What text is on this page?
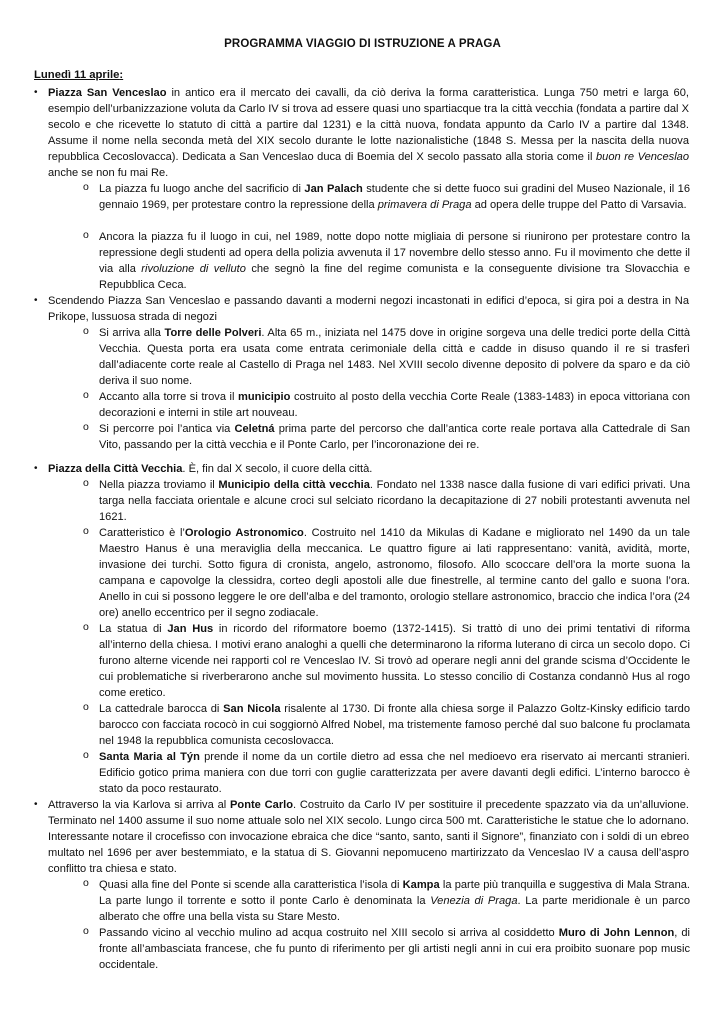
PROGRAMMA VIAGGIO DI ISTRUZIONE A PRAGA
Lunedì 11 aprile:
• Piazza San Venceslao in antico era il mercato dei cavalli, da ciò deriva la forma caratteristica. Lunga 750 metri e larga 60, esempio dell’urbanizzazione voluta da Carlo IV si trova ad essere quasi uno spartiacque tra la città vecchia (fondata a partire dal X secolo e che ricevette lo statuto di città a partire dal 1231) e la città nuova, fondata appunto da Carlo IV a partire dal 1348. Assume il nome nella seconda metà del XIX secolo durante le lotte nazionalistiche (1848 S. Messa per la nascita della nuova repubblica Cecoslovacca). Dedicata a San Venceslao duca di Boemia del X secolo passato alla storia come il buon re Venceslao anche se non fu mai Re.
o La piazza fu luogo anche del sacrificio di Jan Palach studente che si dette fuoco sui gradini del Museo Nazionale, il 16 gennaio 1969, per protestare contro la repressione della primavera di Praga ad opera delle truppe del Patto di Varsavia.
o Ancora la piazza fu il luogo in cui, nel 1989, notte dopo notte migliaia di persone si riunirono per protestare contro la repressione degli studenti ad opera della polizia avvenuta il 17 novembre dello stesso anno. Fu il movimento che dette il via alla rivoluzione di velluto che segnò la fine del regime comunista e la conseguente divisione tra Slovacchia e Repubblica Ceca.
• Scendendo Piazza San Venceslao e passando davanti a moderni negozi incastonati in edifici d’epoca, si gira poi a destra in Na Prikope, lussuosa strada di negozi
o Si arriva alla Torre delle Polveri. Alta 65 m., iniziata nel 1475 dove in origine sorgeva una delle tredici porte della Città Vecchia. Questa porta era usata come entrata cerimoniale della città e cadde in disuso quando il re si trasferì dall’adiacente corte reale al Castello di Praga nel 1483. Nel XVIII secolo divenne deposito di polvere da sparo e da ciò deriva il suo nome.
o Accanto alla torre si trova il municipio costruito al posto della vecchia Corte Reale (1383-1483) in epoca vittoriana con decorazioni e interni in stile art nouveau.
o Si percorre poi l’antica via Celetná prima parte del percorso che dall’antica corte reale portava alla Cattedrale di San Vito, passando per la città vecchia e il Ponte Carlo, per l’incoronazione dei re.
• Piazza della Città Vecchia. È, fin dal X secolo, il cuore della città.
o Nella piazza troviamo il Municipio della città vecchia. Fondato nel 1338 nasce dalla fusione di vari edifici privati. Una targa nella facciata orientale e alcune croci sul selciato ricordano la decapitazione di 27 nobili protestanti avvenuta nel 1621.
o Caratteristico è l’Orologio Astronomico. Costruito nel 1410 da Mikulas di Kadane e migliorato nel 1490 da un tale Maestro Hanus è una meraviglia della meccanica. Le quattro figure ai lati rappresentano: vanità, avidità, morte, invasione dei turchi. Sotto figura di cronista, angelo, astronomo, filosofo. Allo scoccare dell’ora la morte suona la campana e capovolge la clessidra, corteo degli apostoli alle due finestrelle, al termine canto del gallo e suona l’ora. Anello in cui si possono leggere le ore dell’alba e del tramonto, orologio stellare astronomico, braccio che indica l’ora (24 ore) anello eccentrico per il segno zodiacale.
o La statua di Jan Hus in ricordo del riformatore boemo (1372-1415). Si trattò di uno dei primi tentativi di riforma all’interno della chiesa. I motivi erano analoghi a quelli che determinarono la riforma luterano di circa un secolo dopo. Ci furono alterne vicende nei rapporti col re Venceslao IV. Si trovò ad operare negli anni del grande scisma d’Occidente le cui problematiche si riverberarono anche sul movimento hussita. Lo stesso concilio di Costanza condannò Hus al rogo come eretico.
o La cattedrale barocca di San Nicola risalente al 1730. Di fronte alla chiesa sorge il Palazzo Goltz-Kinsky edificio tardo barocco con facciata rococò in cui soggiornò Alfred Nobel, ma tristemente famoso perché dal suo balcone fu proclamata nel 1948 la repubblica comunista cecoslovacca.
o Santa Maria al Týn prende il nome da un cortile dietro ad essa che nel medioevo era riservato ai mercanti stranieri. Edificio gotico prima maniera con due torri con guglie caratterizzata per avere davanti degli edifici. L’interno barocco è stato da poco restaurato.
• Attraverso la via Karlova si arriva al Ponte Carlo. Costruito da Carlo IV per sostituire il precedente spazzato via da un’alluvione. Terminato nel 1400 assume il suo nome attuale solo nel XIX secolo. Lungo circa 500 mt. Caratteristiche le statue che lo adornano. Interessante notare il crocefisso con invocazione ebraica che dice “santo, santo, santi il Signore”, finanziato con i soldi di un ebreo multato nel 1696 per aver bestemmiato, e la statua di S. Giovanni nepomuceno martirizzato da Venceslao IV a causa dell’aspro conflitto tra chiesa e stato.
o Quasi alla fine del Ponte si scende alla caratteristica l’isola di Kampa la parte più tranquilla e suggestiva di Mala Strana. La parte lungo il torrente e sotto il ponte Carlo è denominata la Venezia di Praga. La parte meridionale è un parco alberato che offre una bella vista su Stare Mesto.
o Passando vicino al vecchio mulino ad acqua costruito nel XIII secolo si arriva al cosiddetto Muro di John Lennon, di fronte all’ambasciata francese, che fu punto di riferimento per gli artisti negli anni in cui era proibito suonare pop music occidentale.
